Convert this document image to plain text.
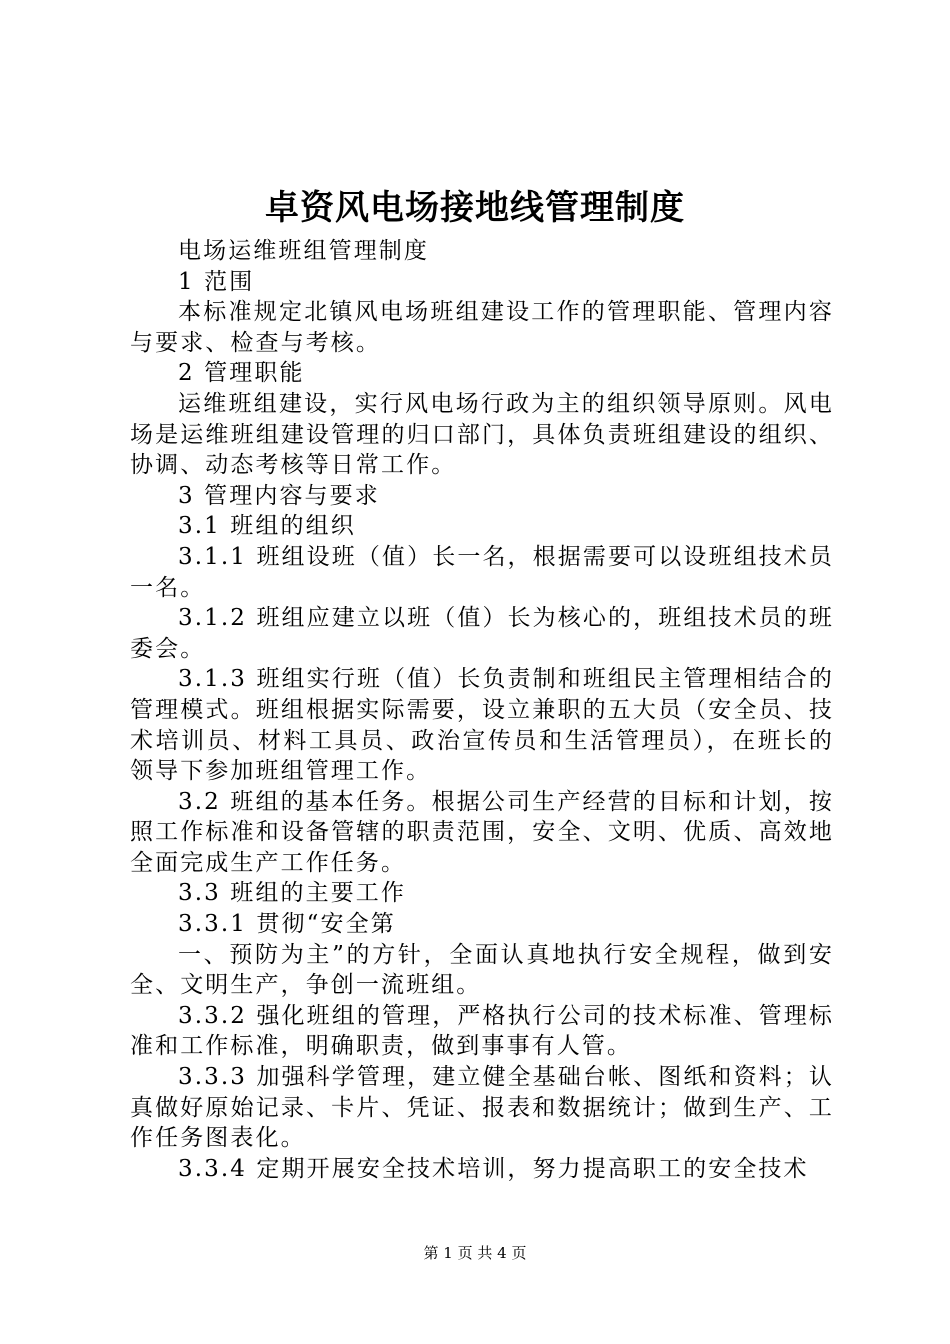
卓资风电场接地线管理制度

电场运维班组管理制度

1 范围

本标准规定北镇风电场班组建设工作的管理职能、管理内容与要求、检查与考核。

2 管理职能

运维班组建设，实行风电场行政为主的组织领导原则。风电场是运维班组建设管理的归口部门，具体负责班组建设的组织、协调、动态考核等日常工作。

3 管理内容与要求

3.1 班组的组织

3.1.1 班组设班（值）长一名，根据需要可以设班组技术员一名。

3.1.2 班组应建立以班（值）长为核心的，班组技术员的班委会。

3.1.3 班组实行班（值）长负责制和班组民主管理相结合的管理模式。班组根据实际需要，设立兼职的五大员（安全员、技术培训员、材料工具员、政治宣传员和生活管理员），在班长的领导下参加班组管理工作。

3.2 班组的基本任务。根据公司生产经营的目标和计划，按照工作标准和设备管辖的职责范围，安全、文明、优质、高效地全面完成生产工作任务。

3.3 班组的主要工作

3.3.1 贯彻“安全第

一、预防为主”的方针，全面认真地执行安全规程，做到安全、文明生产，争创一流班组。

3.3.2 强化班组的管理，严格执行公司的技术标准、管理标准和工作标准，明确职责，做到事事有人管。

3.3.3 加强科学管理，建立健全基础台帐、图纸和资料；认真做好原始记录、卡片、凭证、报表和数据统计；做到生产、工作任务图表化。

3.3.4 定期开展安全技术培训，努力提高职工的安全技术

第 1 页 共 4 页
